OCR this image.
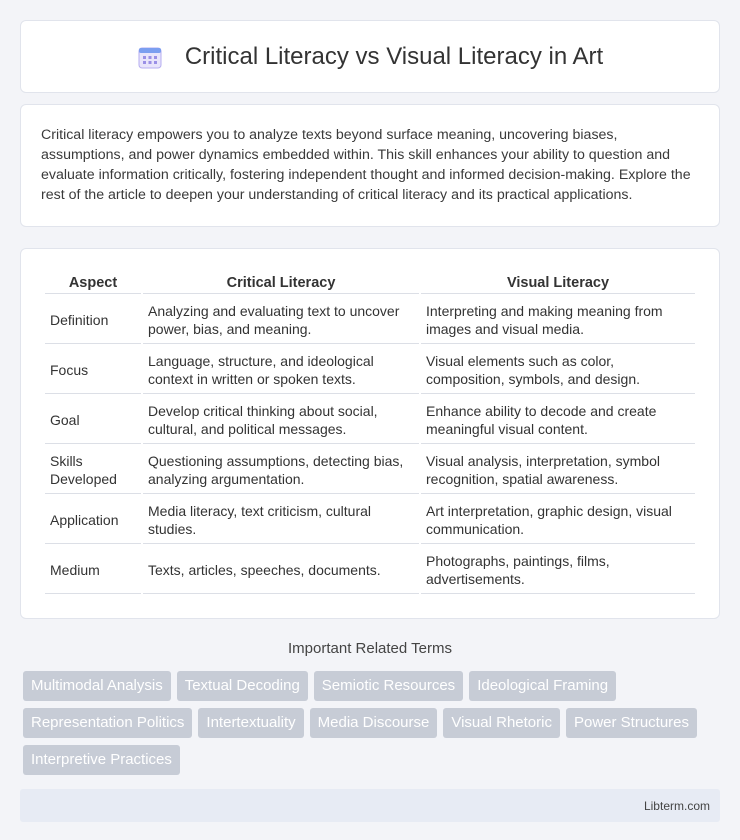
Critical Literacy vs Visual Literacy in Art

Critical literacy empowers you to analyze texts beyond surface meaning, uncovering biases, assumptions, and power dynamics embedded within. This skill enhances your ability to question and evaluate information critically, fostering independent thought and informed decision-making. Explore the rest of the article to deepen your understanding of critical literacy and its practical applications.

Aspect	Critical Literacy	Visual Literacy
Definition	Analyzing and evaluating text to uncover power, bias, and meaning.	Interpreting and making meaning from images and visual media.
Focus	Language, structure, and ideological context in written or spoken texts.	Visual elements such as color, composition, symbols, and design.
Goal	Develop critical thinking about social, cultural, and political messages.	Enhance ability to decode and create meaningful visual content.
Skills Developed	Questioning assumptions, detecting bias, analyzing argumentation.	Visual analysis, interpretation, symbol recognition, spatial awareness.
Application	Media literacy, text criticism, cultural studies.	Art interpretation, graphic design, visual communication.
Medium	Texts, articles, speeches, documents.	Photographs, paintings, films, advertisements.
Important Related Terms
Multimodal Analysis	Textual Decoding	Semiotic Resources	Ideological Framing
Representation Politics	Intertextuality	Media Discourse	Visual Rhetoric	Power Structures
Interpretive Practices
Libterm.com
